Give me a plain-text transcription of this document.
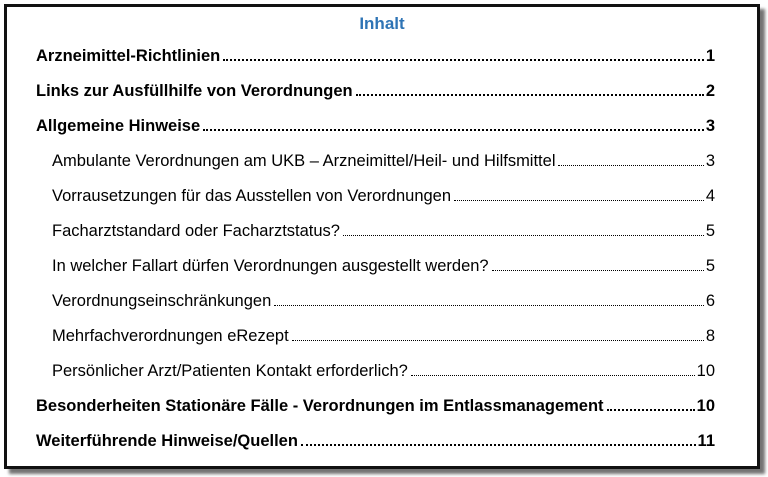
Inhalt
Arzneimittel-Richtlinien	1
Links zur Ausfüllhilfe von Verordnungen	2
Allgemeine Hinweise	3
Ambulante Verordnungen am UKB – Arzneimittel/Heil- und Hilfsmittel	3
Vorrausetzungen für das Ausstellen von Verordnungen	4
Facharztstandard oder Facharztstatus?	5
In welcher Fallart dürfen Verordnungen ausgestellt werden?	5
Verordnungseinschränkungen	6
Mehrfachverordnungen eRezept	8
Persönlicher Arzt/Patienten Kontakt erforderlich?	10
Besonderheiten Stationäre Fälle - Verordnungen im Entlassmanagement	10
Weiterführende Hinweise/Quellen	11
